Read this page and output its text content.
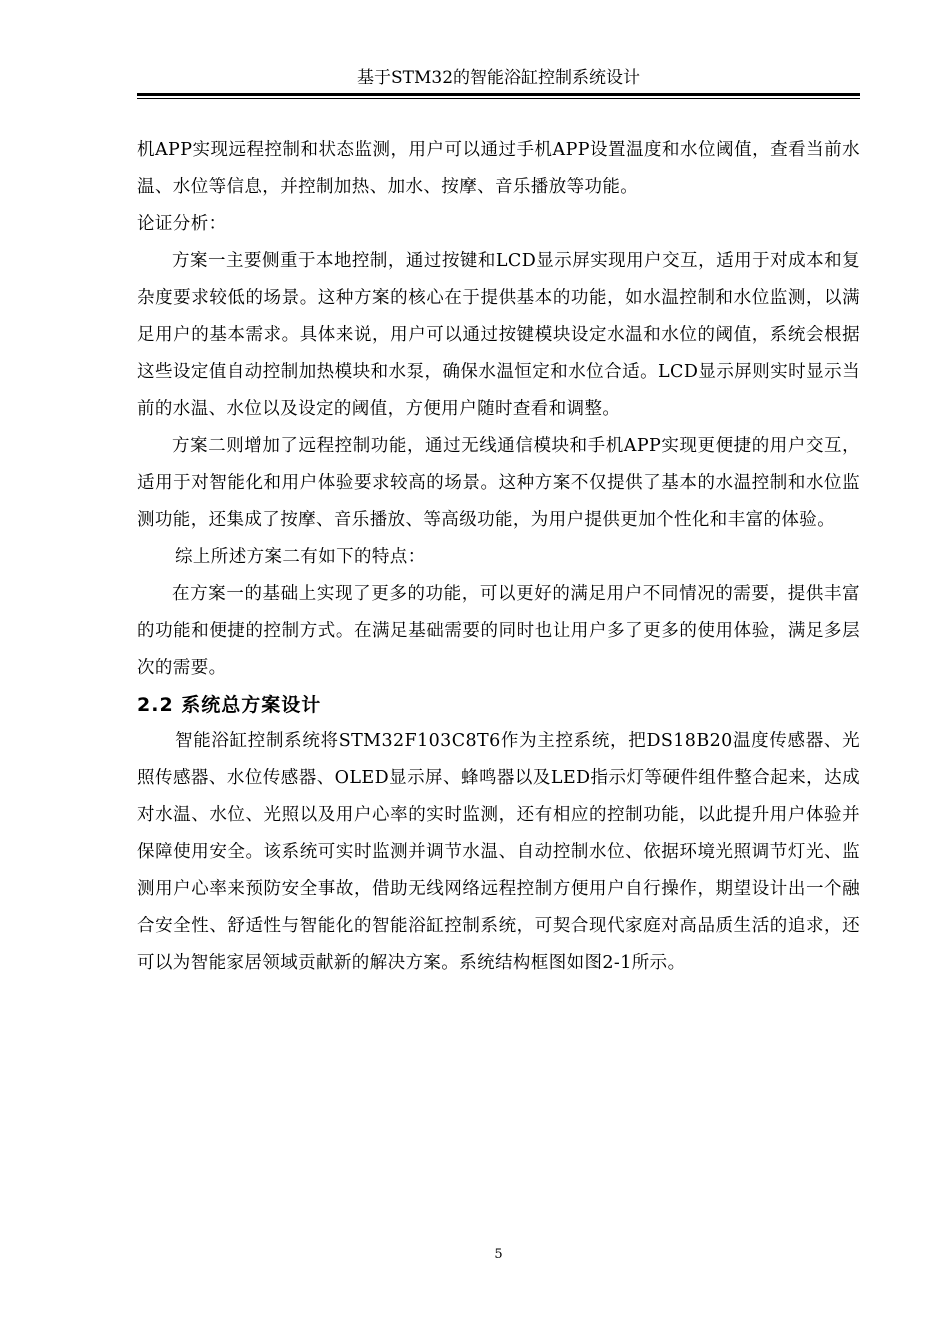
基于STM32的智能浴缸控制系统设计

机APP实现远程控制和状态监测，用户可以通过手机APP设置温度和水位阈值，查看当前水温、水位等信息，并控制加热、加水、按摩、音乐播放等功能。

论证分析：

方案一主要侧重于本地控制，通过按键和LCD显示屏实现用户交互，适用于对成本和复杂度要求较低的场景。这种方案的核心在于提供基本的功能，如水温控制和水位监测，以满足用户的基本需求。具体来说，用户可以通过按键模块设定水温和水位的阈值，系统会根据这些设定值自动控制加热模块和水泵，确保水温恒定和水位合适。LCD显示屏则实时显示当前的水温、水位以及设定的阈值，方便用户随时查看和调整。

方案二则增加了远程控制功能，通过无线通信模块和手机APP实现更便捷的用户交互，适用于对智能化和用户体验要求较高的场景。这种方案不仅提供了基本的水温控制和水位监测功能，还集成了按摩、音乐播放、等高级功能，为用户提供更加个性化和丰富的体验。

综上所述方案二有如下的特点：

在方案一的基础上实现了更多的功能，可以更好的满足用户不同情况的需要，提供丰富的功能和便捷的控制方式。在满足基础需要的同时也让用户多了更多的使用体验，满足多层次的需要。

2.2 系统总方案设计

智能浴缸控制系统将STM32F103C8T6作为主控系统，把DS18B20温度传感器、光照传感器、水位传感器、OLED显示屏、蜂鸣器以及LED指示灯等硬件组件整合起来，达成对水温、水位、光照以及用户心率的实时监测，还有相应的控制功能，以此提升用户体验并保障使用安全。该系统可实时监测并调节水温、自动控制水位、依据环境光照调节灯光、监测用户心率来预防安全事故，借助无线网络远程控制方便用户自行操作，期望设计出一个融合安全性、舒适性与智能化的智能浴缸控制系统，可契合现代家庭对高品质生活的追求，还可以为智能家居领域贡献新的解决方案。系统结构框图如图2-1所示。

5
